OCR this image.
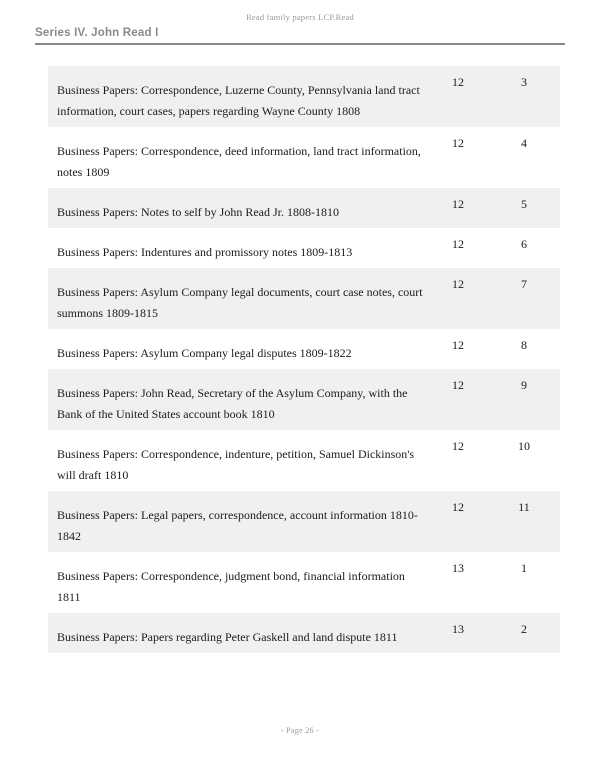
Read family papers LCP.Read
Series IV. John Read I
Business Papers: Correspondence, Luzerne County, Pennsylvania land tract information, court cases, papers regarding Wayne County 1808
12	3
Business Papers: Correspondence, deed information, land tract information, notes 1809
12	4
Business Papers: Notes to self by John Read Jr. 1808-1810
12	5
Business Papers: Indentures and promissory notes 1809-1813
12	6
Business Papers: Asylum Company legal documents, court case notes, court summons 1809-1815
12	7
Business Papers: Asylum Company legal disputes 1809-1822
12	8
Business Papers: John Read, Secretary of the Asylum Company, with the Bank of the United States account book 1810
12	9
Business Papers: Correspondence, indenture, petition, Samuel Dickinson's will draft 1810
12	10
Business Papers: Legal papers, correspondence, account information 1810-1842
12	11
Business Papers: Correspondence, judgment bond, financial information 1811
13	1
Business Papers: Papers regarding Peter Gaskell and land dispute 1811
13	2
- Page 26 -
